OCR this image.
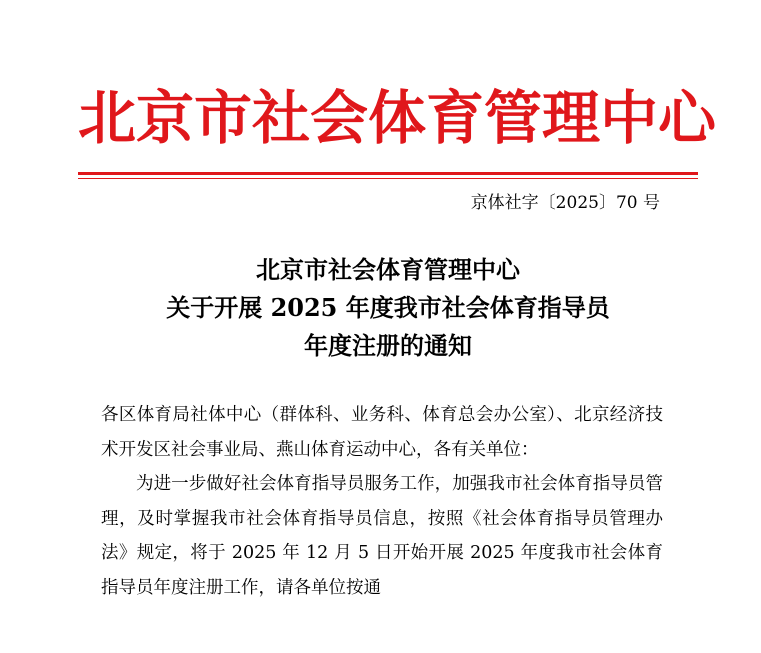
北京市社会体育管理中心
京体社字〔2025〕70 号
北京市社会体育管理中心
关于开展 2025 年度我市社会体育指导员
年度注册的通知

各区体育局社体中心（群体科、业务科、体育总会办公室）、北京经济技术开发区社会事业局、燕山体育运动中心，各有关单位：

为进一步做好社会体育指导员服务工作，加强我市社会体育指导员管理，及时掌握我市社会体育指导员信息，按照《社会体育指导员管理办法》规定，将于 2025 年 12 月 5 日开始开展 2025 年度我市社会体育指导员年度注册工作，请各单位按通
